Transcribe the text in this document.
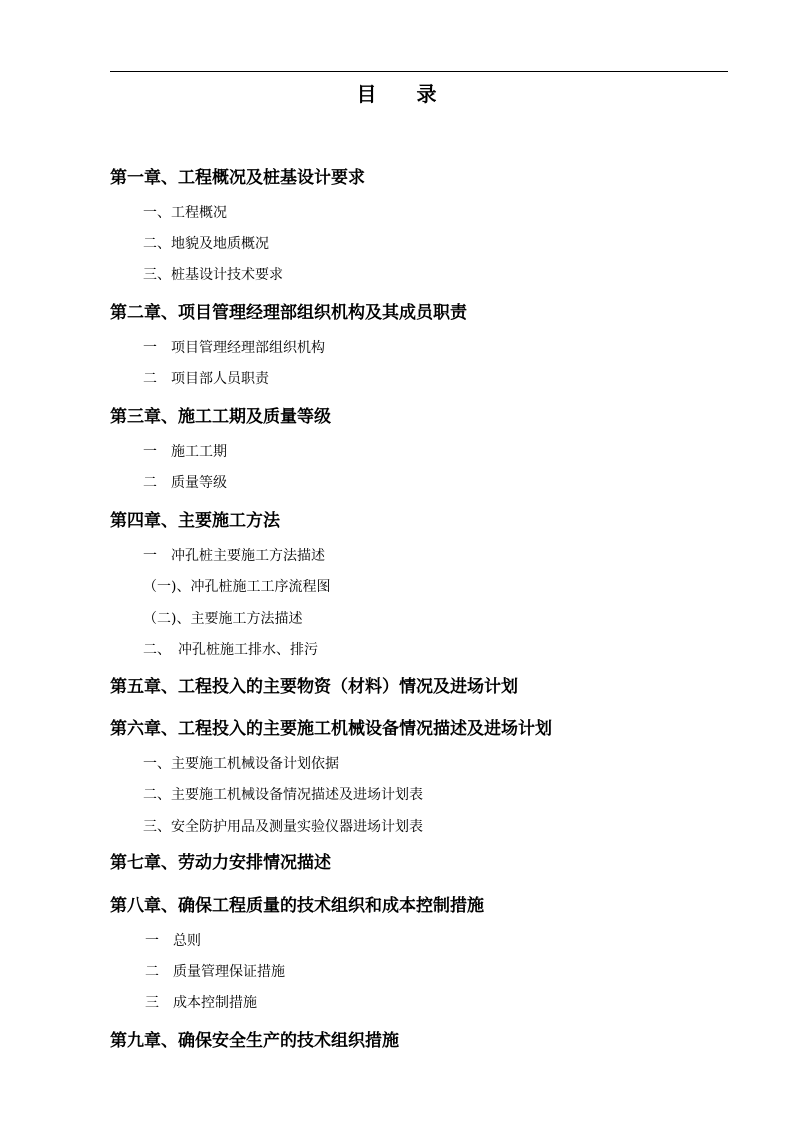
目　　录
第一章、工程概况及桩基设计要求
一、工程概况
二、地貌及地质概况
三、桩基设计技术要求
第二章、项目管理经理部组织机构及其成员职责
一　项目管理经理部组织机构
二　项目部人员职责
第三章、施工工期及质量等级
一　施工工期
二　质量等级
第四章、主要施工方法
一　冲孔桩主要施工方法描述
（一)、冲孔桩施工工序流程图
（二)、主要施工方法描述
二、　冲孔桩施工排水、排污
第五章、工程投入的主要物资（材料）情况及进场计划
第六章、工程投入的主要施工机械设备情况描述及进场计划
一、主要施工机械设备计划依据
二、主要施工机械设备情况描述及进场计划表
三、安全防护用品及测量实验仪器进场计划表
第七章、劳动力安排情况描述
第八章、确保工程质量的技术组织和成本控制措施
一　总则
二　质量管理保证措施
三　成本控制措施
第九章、确保安全生产的技术组织措施
